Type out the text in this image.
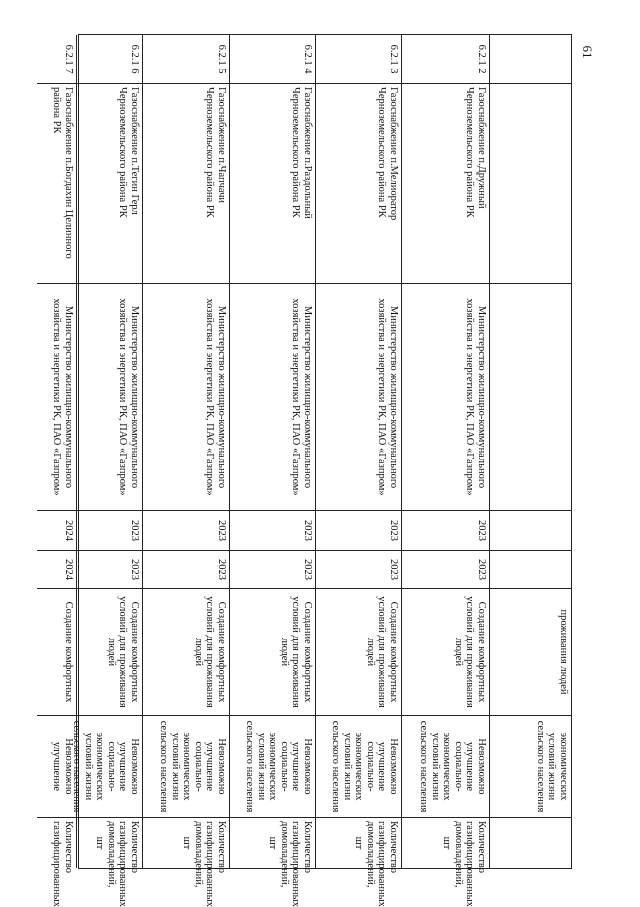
61
проживания людей
экономических условий жизни сельского населения
6.2.1 2
Газоснабжение п.Дружный Черноземельского района РК
Министерство жилищно-коммунального хозяйства и энергетики РК, ПАО «Газпром»
2023
2023
Создание комфортных условий для проживания людей
Невозможно улучшение социально-экономических условий жизни сельского населения
Количество газифицированных домовладений, шт
6.2.1 3
Газоснабжение п.Мелиоратор Черноземельского района РК
Министерство жилищно-коммунального хозяйства и энергетики РК, ПАО «Газпром»
2023
2023
Создание комфортных условий для проживания людей
Невозможно улучшение социально-экономических условий жизни сельского населения
Количество газифицированных домовладений, шт
6.2.1 4
Газоснабжение п.Раздольный Черноземельского района РК
Министерство жилищно-коммунального хозяйства и энергетики РК, ПАО «Газпром»
2023
2023
Создание комфортных условий для проживания людей
Невозможно улучшение социально-экономических условий жизни сельского населения
Количество газифицированных домовладений, шт
6.2.1 5
Газоснабжение п.Чапчачи Черноземельского района РК
Министерство жилищно-коммунального хозяйства и энергетики РК, ПАО «Газпром»
2023
2023
Создание комфортных условий для проживания людей
Невозможно улучшение социально-экономических условий жизни сельского населения
Количество газифицированных домовладений, шт
6.2.1 6
Газоснабжение п.Тегин Герл Черноземельского района РК
Министерство жилищно-коммунального хозяйства и энергетики РК, ПАО «Газпром»
2023
2023
Создание комфортных условий для проживания людей
Невозможно улучшение социально-экономических условий жизни сельского населения
Количество газифицированных домовладений, шт
6.2.1 7
Газоснабжение п.Богдахин Целинного района РК
Министерство жилищно-коммунального хозяйства и энергетики РК, ПАО «Газпром»
2024
2024
Создание комфортных
Невозможно улучшение
Количество газифицированных
